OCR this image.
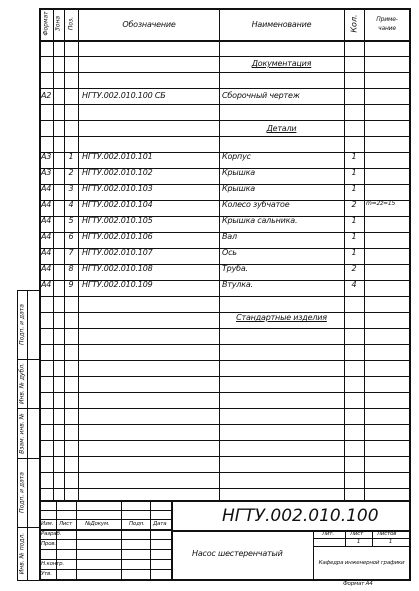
Формат Зона Поз.	Обозначение	Наименование	Кол.	Приме-
чание
Документация
Детали
Стандартные изделия
А2	НГТУ.002.010.100 СБ	Сборочный чертеж
А3	1	НГТУ.002.010.101	Корпус	1
А3	2	НГТУ.002.010.102	Крышка	1
А4	3	НГТУ.002.010.103	Крышка	1
А4	4	НГТУ.002.010.104	Колесо зубчатое	2	m=2z=15
А4	5	НГТУ.002.010.105	Крышка сальника.	1
А4	6	НГТУ.002.010.106	Вал	1
А4	7	НГТУ.002.010.107	Ось	1
А4	8	НГТУ.002.010.108	Труба.	2
А4	9	НГТУ.002.010.109	Втулка.	4
Подп. и дата
Инв. № дубл.
Взам. инв. №
Подп. и дата
Инв. № подл.
Изм. Лист №Докум.	Подп. Дата
Разраб.
Пров.
Н.контр.
Утв.
НГТУ.002.010.100
Насос шестеренчатый
Лит.	Лист	Листов
1	1
Кафедра инженерной графики
Формат А4
